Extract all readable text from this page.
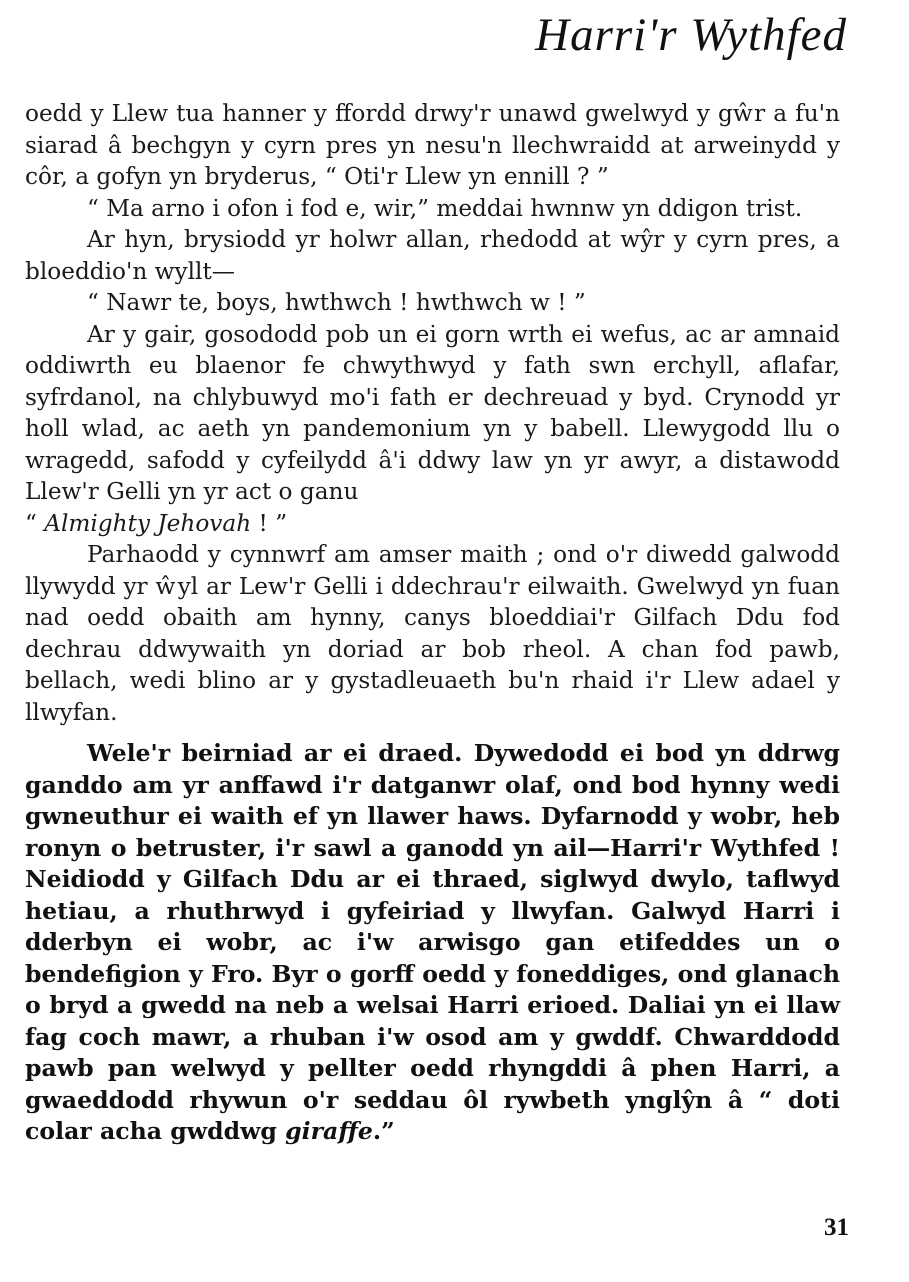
Harri'r Wythfed

oedd y Llew tua hanner y ffordd drwy'r unawd gwelwyd y gŵr a fu'n siarad â bechgyn y cyrn pres yn nesu'n llechwraidd at arweinydd y côr, a gofyn yn bryderus, “ Oti'r Llew yn ennill ? ”

“ Ma arno i ofon i fod e, wir,” meddai hwnnw yn ddigon trist.

Ar hyn, brysiodd yr holwr allan, rhedodd at wŷr y cyrn pres, a bloeddio'n wyllt—

“ Nawr te, boys, hwthwch ! hwthwch w ! ”

Ar y gair, gosododd pob un ei gorn wrth ei wefus, ac ar amnaid oddiwrth eu blaenor fe chwythwyd y fath swn erchyll, aflafar, syfrdanol, na chlybuwyd mo'i fath er dechreuad y byd. Crynodd yr holl wlad, ac aeth yn pandemonium yn y babell. Llewygodd llu o wragedd, safodd y cyfeilydd â'i ddwy law yn yr awyr, a distawodd Llew'r Gelli yn yr act o ganu

“ Almighty Jehovah ! ”

Parhaodd y cynnwrf am amser maith ; ond o'r diwedd galwodd llywydd yr ŵyl ar Lew'r Gelli i ddechrau'r eilwaith. Gwelwyd yn fuan nad oedd obaith am hynny, canys bloeddiai'r Gilfach Ddu fod dechrau ddwywaith yn doriad ar bob rheol. A chan fod pawb, bellach, wedi blino ar y gystadleuaeth bu'n rhaid i'r Llew adael y llwyfan.

Wele'r beirniad ar ei draed. Dywedodd ei bod yn ddrwg ganddo am yr anffawd i'r datganwr olaf, ond bod hynny wedi gwneuthur ei waith ef yn llawer haws. Dyfarnodd y wobr, heb ronyn o betruster, i'r sawl a ganodd yn ail—Harri'r Wythfed ! Neidiodd y Gilfach Ddu ar ei thraed, siglwyd dwylo, taflwyd hetiau, a rhuthrwyd i gyfeiriad y llwyfan. Galwyd Harri i dderbyn ei wobr, ac i'w arwisgo gan etifeddes un o bendefigion y Fro. Byr o gorff oedd y foneddiges, ond glanach o bryd a gwedd na neb a welsai Harri erioed. Daliai yn ei llaw fag coch mawr, a rhuban i'w osod am y gwddf. Chwarddodd pawb pan welwyd y pellter oedd rhyngddi â phen Harri, a gwaeddodd rhywun o'r seddau ôl rywbeth ynglŷn â “ doti colar acha gwddwg giraffe.”

31
